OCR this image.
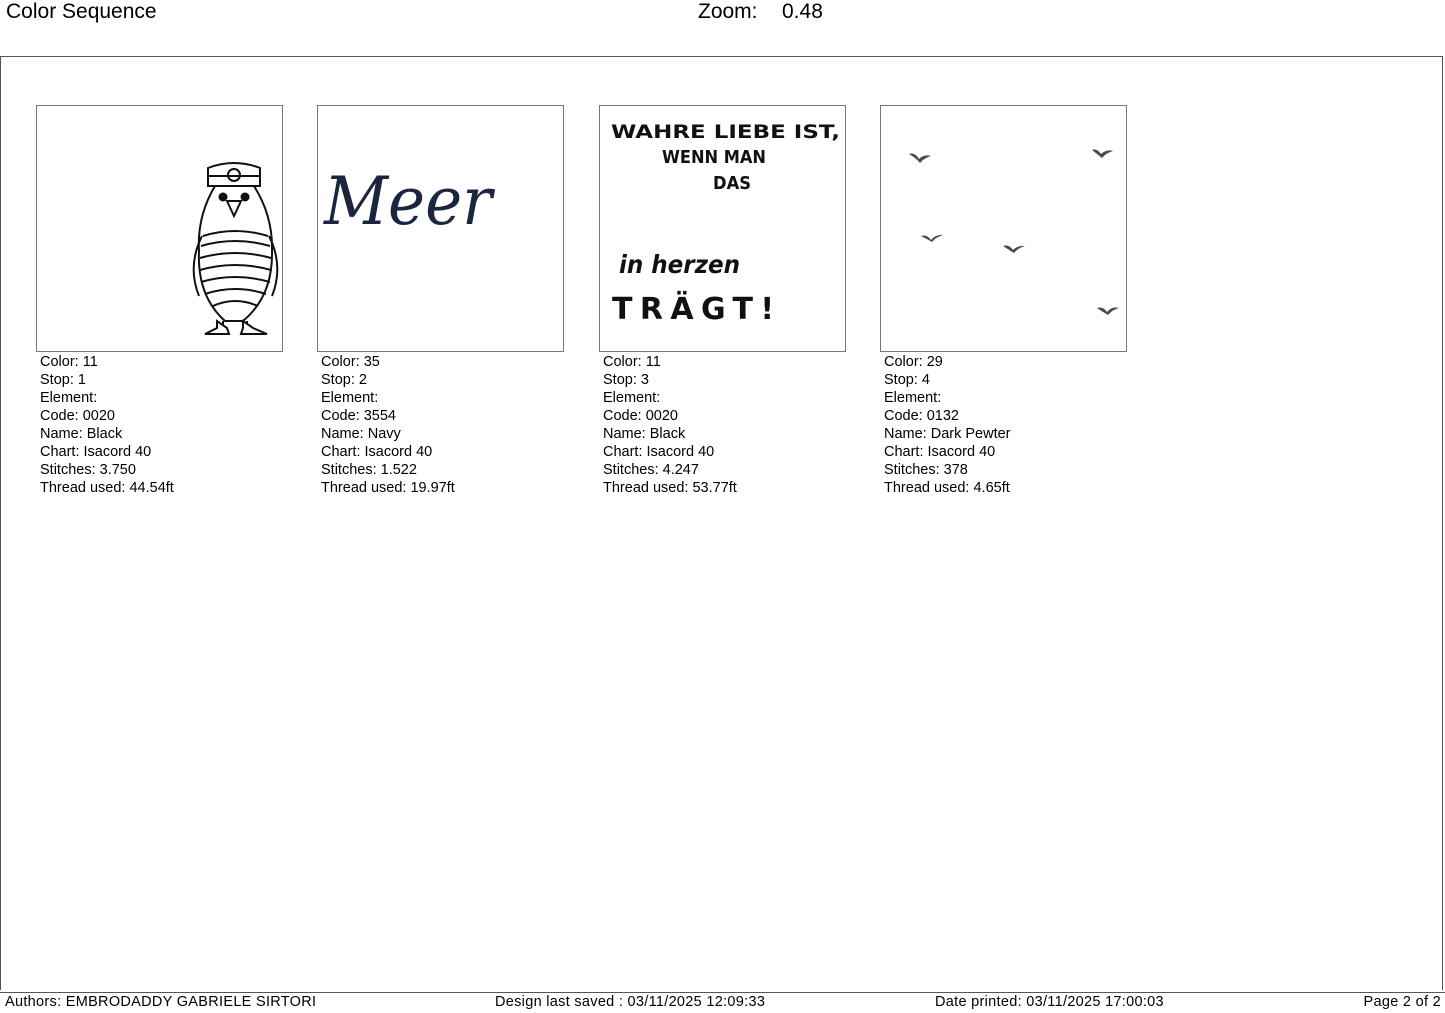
Color Sequence	Zoom: 0.48
Color: 11
Stop: 1
Element:
Code: 0020
Name: Black
Chart: Isacord 40
Stitches: 3.750
Thread used: 44.54ft
Meer
Color: 35
Stop: 2
Element:
Code: 3554
Name: Navy
Chart: Isacord 40
Stitches: 1.522
Thread used: 19.97ft
WAHRE LIEBE IST,
WENN MAN
DAS
in herzen
TRÄGT!
Color: 11
Stop: 3
Element:
Code: 0020
Name: Black
Chart: Isacord 40
Stitches: 4.247
Thread used: 53.77ft
Color: 29
Stop: 4
Element:
Code: 0132
Name: Dark Pewter
Chart: Isacord 40
Stitches: 378
Thread used: 4.65ft
Authors: EMBRODADDY GABRIELE SIRTORI	Design last saved : 03/11/2025 12:09:33	Date printed: 03/11/2025 17:00:03	Page 2 of 2
